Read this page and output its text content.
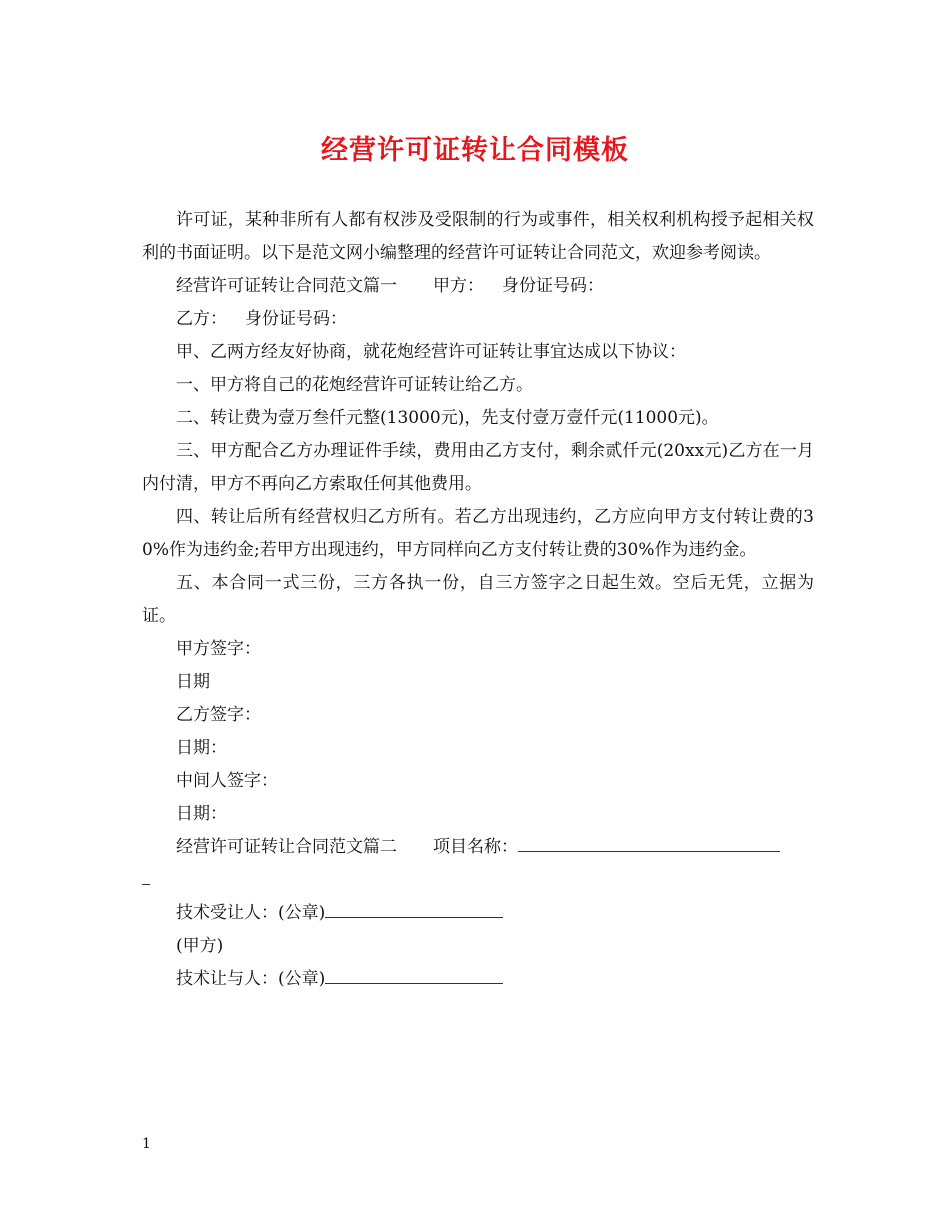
经营许可证转让合同模板

许可证，某种非所有人都有权涉及受限制的行为或事件，相关权利机构授予起相关权利的书面证明。以下是范文网小编整理的经营许可证转让合同范文，欢迎参考阅读。

经营许可证转让合同范文篇一 甲方： 身份证号码：

乙方： 身份证号码：

甲、乙两方经友好协商，就花炮经营许可证转让事宜达成以下协议：

一、甲方将自己的花炮经营许可证转让给乙方。

二、转让费为壹万叁仟元整(13000元)，先支付壹万壹仟元(11000元)。

三、甲方配合乙方办理证件手续，费用由乙方支付，剩余贰仟元(20xx元)乙方在一月内付清，甲方不再向乙方索取任何其他费用。

四、转让后所有经营权归乙方所有。若乙方出现违约，乙方应向甲方支付转让费的30%作为违约金;若甲方出现违约，甲方同样向乙方支付转让费的30%作为违约金。

五、本合同一式三份，三方各执一份，自三方签字之日起生效。空后无凭，立据为证。

甲方签字：

日期

乙方签字：

日期：

中间人签字：

日期：

经营许可证转让合同范文篇二 项目名称：

技术受让人：(公章)

(甲方)

技术让与人：(公章)

1
